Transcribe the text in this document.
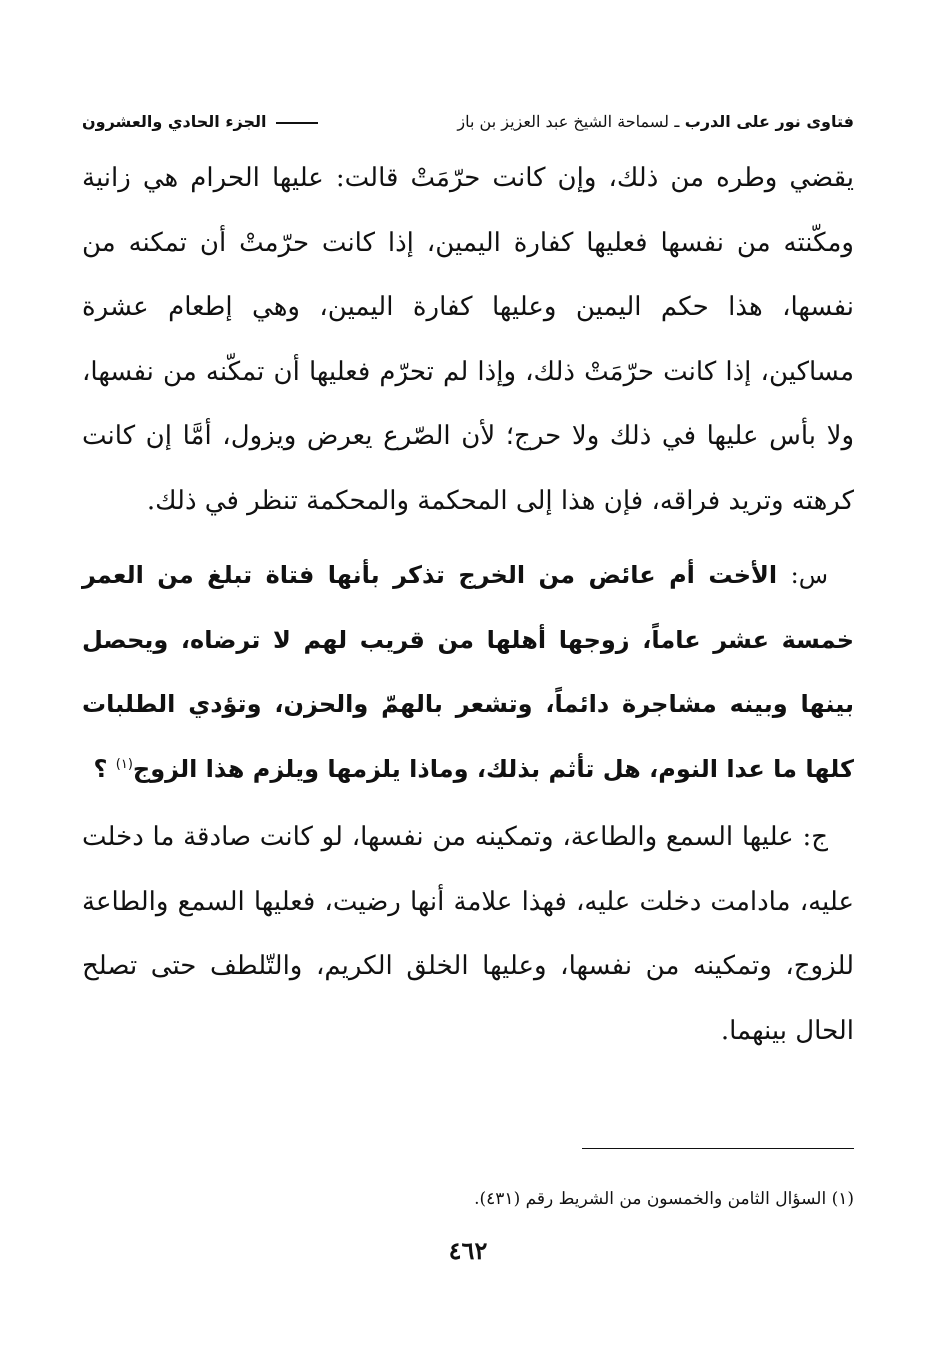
فتاوى نور على الدرب ـ لسماحة الشيخ عبد العزيز بن باز
الجزء الحادي والعشرون

يقضي وطره من ذلك، وإن كانت حرّمَتْ قالت: عليها الحرام هي زانية ومكّنته من نفسها فعليها كفارة اليمين، إذا كانت حرّمتْ أن تمكنه من نفسها، هذا حكم اليمين وعليها كفارة اليمين، وهي إطعام عشرة مساكين، إذا كانت حرّمَتْ ذلك، وإذا لم تحرّم فعليها أن تمكّنه من نفسها، ولا بأس عليها في ذلك ولا حرج؛ لأن الصّرع يعرض ويزول، أمَّا إن كانت كرهته وتريد فراقه، فإن هذا إلى المحكمة والمحكمة تنظر في ذلك.

س: الأخت أم عائض من الخرج تذكر بأنها فتاة تبلغ من العمر خمسة عشر عاماً، زوجها أهلها من قريب لهم لا ترضاه، ويحصل بينها وبينه مشاجرة دائماً، وتشعر بالهمّ والحزن، وتؤدي الطلبات كلها ما عدا النوم، هل تأثم بذلك، وماذا يلزمها ويلزم هذا الزوج$^{(١)}$ ؟

ج: عليها السمع والطاعة، وتمكينه من نفسها، لو كانت صادقة ما دخلت عليه، مادامت دخلت عليه، فهذا علامة أنها رضيت، فعليها السمع والطاعة للزوج، وتمكينه من نفسها، وعليها الخلق الكريم، والتّلطف حتى تصلح الحال بينهما.

(١) السؤال الثامن والخمسون من الشريط رقم (٤٣١).
٤٦٢
